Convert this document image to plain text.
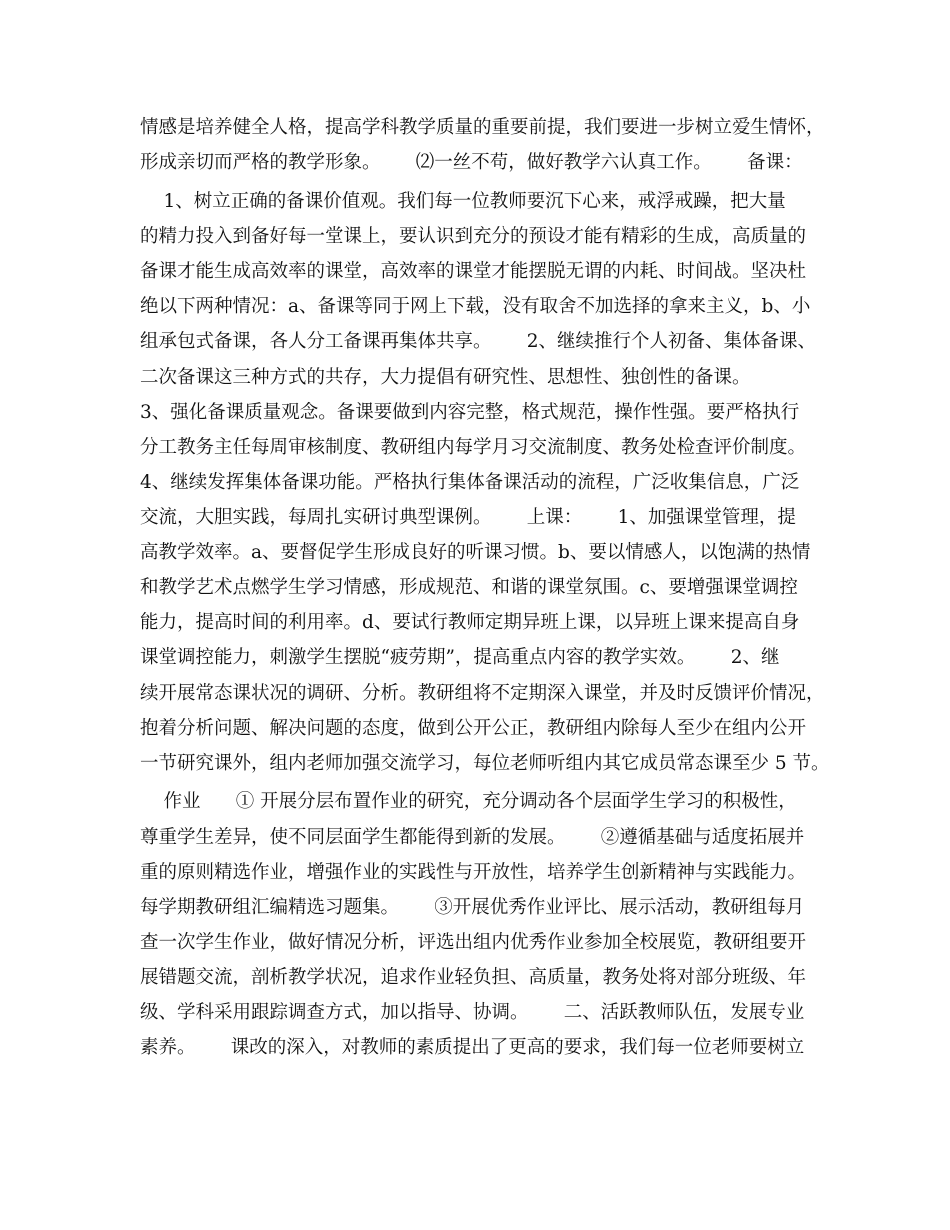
情感是培养健全人格，提高学科教学质量的重要前提，我们要进一步树立爱生情怀，
形成亲切而严格的教学形象。      ⑵一丝不苟，做好教学六认真工作。      备课：
1、树立正确的备课价值观。我们每一位教师要沉下心来，戒浮戒躁，把大量
的精力投入到备好每一堂课上，要认识到充分的预设才能有精彩的生成，高质量的
备课才能生成高效率的课堂，高效率的课堂才能摆脱无谓的内耗、时间战。坚决杜
绝以下两种情况：a、备课等同于网上下载，没有取舍不加选择的拿来主义，b、小
组承包式备课，各人分工备课再集体共享。      2、继续推行个人初备、集体备课、
二次备课这三种方式的共存，大力提倡有研究性、思想性、独创性的备课。
3、强化备课质量观念。备课要做到内容完整，格式规范，操作性强。要严格执行
分工教务主任每周审核制度、教研组内每学月习交流制度、教务处检查评价制度。
4、继续发挥集体备课功能。严格执行集体备课活动的流程，广泛收集信息，广泛
交流，大胆实践，每周扎实研讨典型课例。      上课：      1、加强课堂管理，提
高教学效率。a、要督促学生形成良好的听课习惯。b、要以情感人，以饱满的热情
和教学艺术点燃学生学习情感，形成规范、和谐的课堂氛围。c、要增强课堂调控
能力，提高时间的利用率。d、要试行教师定期异班上课，以异班上课来提高自身
课堂调控能力，刺激学生摆脱“疲劳期”，提高重点内容的教学实效。      2、继
续开展常态课状况的调研、分析。教研组将不定期深入课堂，并及时反馈评价情况，
抱着分析问题、解决问题的态度，做到公开公正，教研组内除每人至少在组内公开
一节研究课外，组内老师加强交流学习，每位老师听组内其它成员常态课至少 5 节。
作业      ① 开展分层布置作业的研究，充分调动各个层面学生学习的积极性，
尊重学生差异，使不同层面学生都能得到新的发展。      ②遵循基础与适度拓展并
重的原则精选作业，增强作业的实践性与开放性，培养学生创新精神与实践能力。
每学期教研组汇编精选习题集。      ③开展优秀作业评比、展示活动，教研组每月
查一次学生作业，做好情况分析，评选出组内优秀作业参加全校展览，教研组要开
展错题交流，剖析教学状况，追求作业轻负担、高质量，教务处将对部分班级、年
级、学科采用跟踪调查方式，加以指导、协调。      二、活跃教师队伍，发展专业
素养。      课改的深入，对教师的素质提出了更高的要求，我们每一位老师要树立
